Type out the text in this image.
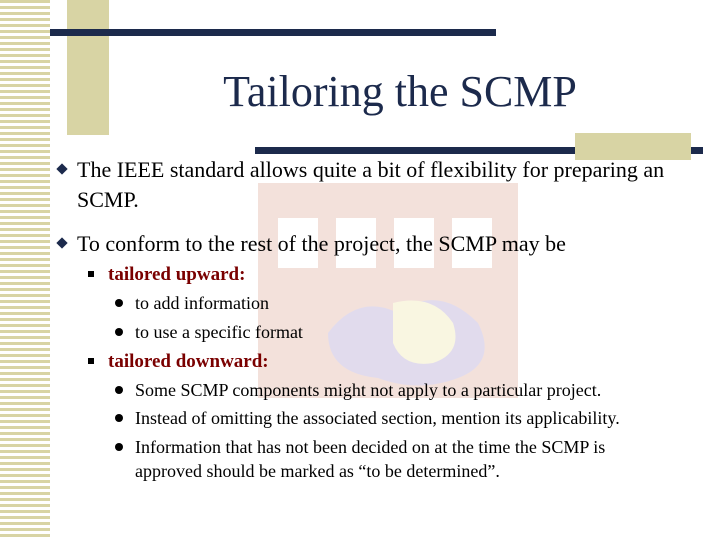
Tailoring the SCMP
The IEEE standard allows quite a bit of flexibility for preparing an SCMP.
To conform to the rest of the project, the SCMP may be
tailored upward:
to add information
to use a specific format
tailored downward:
Some SCMP components might not apply to a particular project.
Instead of omitting the associated section, mention its applicability.
Information that has not been decided on at the time the SCMP is approved should be marked as “to be determined”.
